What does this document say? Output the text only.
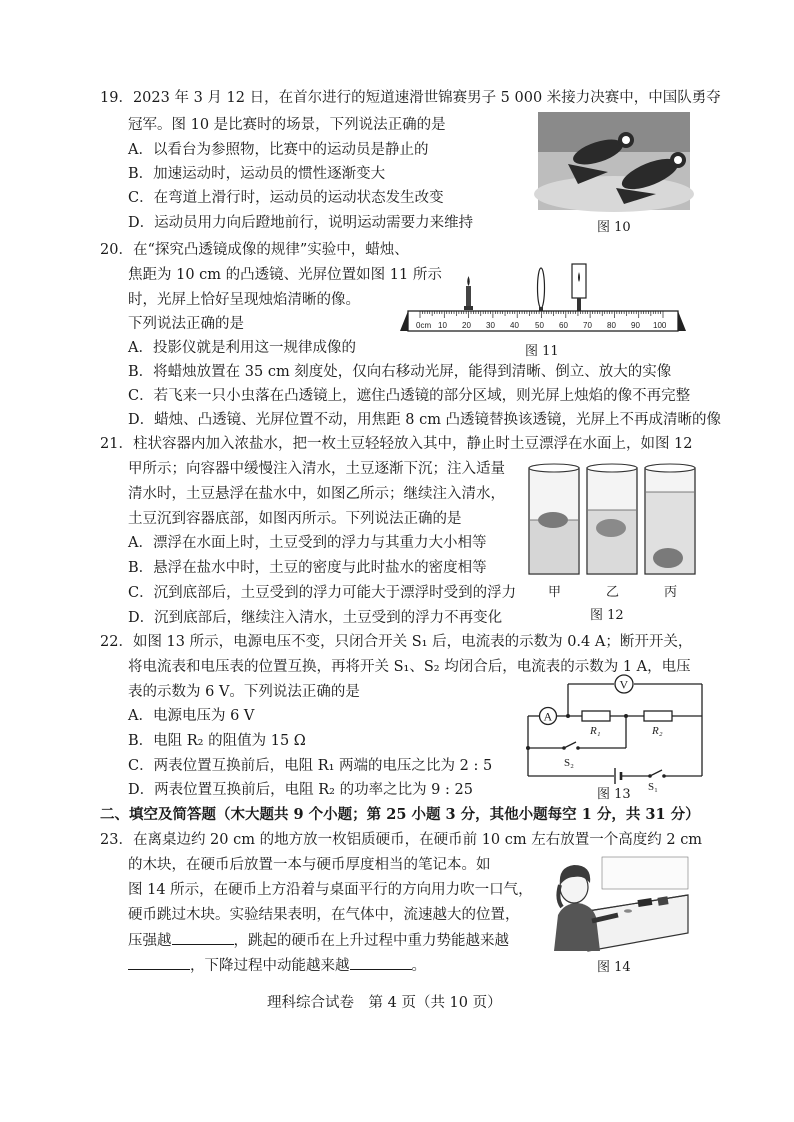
19．2023 年 3 月 12 日，在首尔进行的短道速滑世锦赛男子 5 000 米接力决赛中，中国队勇夺
冠军。图 10 是比赛时的场景，下列说法正确的是
A．以看台为参照物，比赛中的运动员是静止的
B．加速运动时，运动员的惯性逐渐变大
C．在弯道上滑行时，运动员的运动状态发生改变
D．运动员用力向后蹬地前行，说明运动需要力来维持	图 10
20．在“探究凸透镜成像的规律”实验中，蜡烛、
焦距为 10 cm 的凸透镜、光屏位置如图 11 所示
时，光屏上恰好呈现烛焰清晰的像。
下列说法正确的是
A．投影仪就是利用这一规律成像的
B．将蜡烛放置在 35 cm 刻度处，仅向右移动光屏，能得到清晰、倒立、放大的实像
C．若飞来一只小虫落在凸透镜上，遮住凸透镜的部分区域，则光屏上烛焰的像不再完整
D．蜡烛、凸透镜、光屏位置不动，用焦距 8 cm 凸透镜替换该透镜，光屏上不再成清晰的像
0cm 10 20 30 40 50 60 70 80 90 100
图 11
21．柱状容器内加入浓盐水，把一枚土豆轻轻放入其中，静止时土豆漂浮在水面上，如图 12
甲所示；向容器中缓慢注入清水，土豆逐渐下沉；注入适量
清水时，土豆悬浮在盐水中，如图乙所示；继续注入清水，
土豆沉到容器底部，如图丙所示。下列说法正确的是
A．漂浮在水面上时，土豆受到的浮力与其重力大小相等
B．悬浮在盐水中时，土豆的密度与此时盐水的密度相等
C．沉到底部后，土豆受到的浮力可能大于漂浮时受到的浮力
D．沉到底部后，继续注入清水，土豆受到的浮力不再变化
甲	乙	丙
图 12
22．如图 13 所示，电源电压不变，只闭合开关 S₁ 后，电流表的示数为 0.4 A；断开开关，
将电流表和电压表的位置互换，再将开关 S₁、S₂ 均闭合后，电流表的示数为 1 A，电压
表的示数为 6 V。下列说法正确的是
A．电源电压为 6 V
B．电阻 R₂ 的阻值为 15 Ω
C．两表位置互换前后，电阻 R₁ 两端的电压之比为 2 : 5
D．两表位置互换前后，电阻 R₂ 的功率之比为 9 : 25
V
A
R₁	R₂
S₂
S₁
图 13
二、填空及简答题（木大题共 9 个小题；第 25 小题 3 分，其他小题每空 1 分，共 31 分）
23．在离桌边约 20 cm 的地方放一枚铝质硬币，在硬币前 10 cm 左右放置一个高度约 2 cm
的木块，在硬币后放置一本与硬币厚度相当的笔记本。如
图 14 所示，在硬币上方沿着与桌面平行的方向用力吹一口气，
硬币跳过木块。实验结果表明，在气体中，流速越大的位置，
压强越	，跳起的硬币在上升过程中重力势能越来越
，下降过程中动能越来越	。	图 14
理科综合试卷　第 4 页（共 10 页）
